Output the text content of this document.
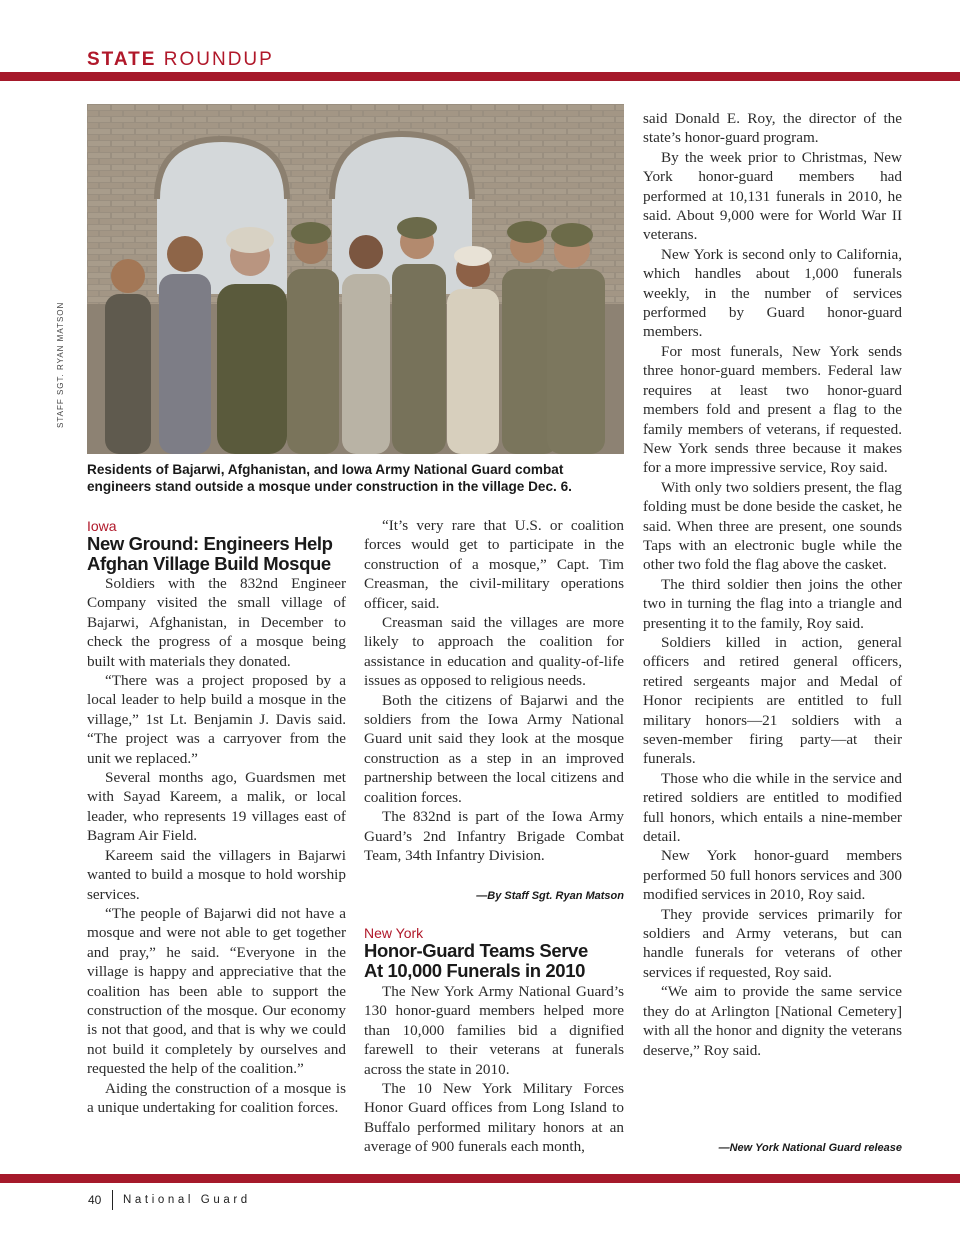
STATE ROUNDUP
STAFF SGT. RYAN MATSON
Residents of Bajarwi, Afghanistan, and Iowa Army National Guard combat engineers stand outside a mosque under construction in the village Dec. 6.
Iowa
New Ground: Engineers Help
Afghan Village Build Mosque

Soldiers with the 832nd Engineer Company visited the small village of Bajarwi, Afghanistan, in December to check the progress of a mosque being built with materials they donated.

“There was a project proposed by a local leader to help build a mosque in the village,” 1st Lt. Benjamin J. Davis said. “The project was a carryover from the unit we replaced.”

Several months ago, Guardsmen met with Sayad Kareem, a malik, or local leader, who represents 19 villages east of Bagram Air Field.

Kareem said the villagers in Bajarwi wanted to build a mosque to hold worship services.

“The people of Bajarwi did not have a mosque and were not able to get together and pray,” he said. “Everyone in the village is happy and appreciative that the coalition has been able to support the construction of the mosque. Our economy is not that good, and that is why we could not build it completely by ourselves and requested the help of the coalition.”

Aiding the construction of a mosque is a unique undertaking for coalition forces.

“It’s very rare that U.S. or coalition forces would get to participate in the construction of a mosque,” Capt. Tim Creasman, the civil-military operations officer, said.

Creasman said the villages are more likely to approach the coalition for assistance in education and quality-of-life issues as opposed to religious needs.

Both the citizens of Bajarwi and the soldiers from the Iowa Army National Guard unit said they look at the mosque construction as a step in an improved partnership between the local citizens and coalition forces.

The 832nd is part of the Iowa Army Guard’s 2nd Infantry Brigade Combat Team, 34th Infantry Division.

—By Staff Sgt. Ryan Matson
New York
Honor-Guard Teams Serve
At 10,000 Funerals in 2010

The New York Army National Guard’s 130 honor-guard members helped more than 10,000 families bid a dignified farewell to their veterans at funerals across the state in 2010.

The 10 New York Military Forces Honor Guard offices from Long Island to Buffalo performed military honors at an average of 900 funerals each month,

said Donald E. Roy, the director of the state’s honor-guard program.

By the week prior to Christmas, New York honor-guard members had performed at 10,131 funerals in 2010, he said. About 9,000 were for World War II veterans.

New York is second only to California, which handles about 1,000 funerals weekly, in the number of services performed by Guard honor-guard members.

For most funerals, New York sends three honor-guard members. Federal law requires at least two honor-guard members fold and present a flag to the family members of veterans, if requested. New York sends three because it makes for a more impressive service, Roy said.

With only two soldiers present, the flag folding must be done beside the casket, he said. When three are present, one sounds Taps with an electronic bugle while the other two fold the flag above the casket.

The third soldier then joins the other two in turning the flag into a triangle and presenting it to the family, Roy said.

Soldiers killed in action, general officers and retired general officers, retired sergeants major and Medal of Honor recipients are entitled to full military honors—21 soldiers with a seven-member firing party—at their funerals.

Those who die while in the service and retired soldiers are entitled to modified full honors, which entails a nine-member detail.

New York honor-guard members performed 50 full honors services and 300 modified services in 2010, Roy said.

They provide services primarily for soldiers and Army veterans, but can handle funerals for veterans of other services if requested, Roy said.

“We aim to provide the same service they do at Arlington [National Cemetery] with all the honor and dignity the veterans deserve,” Roy said.

—New York National Guard release
40 National Guard
